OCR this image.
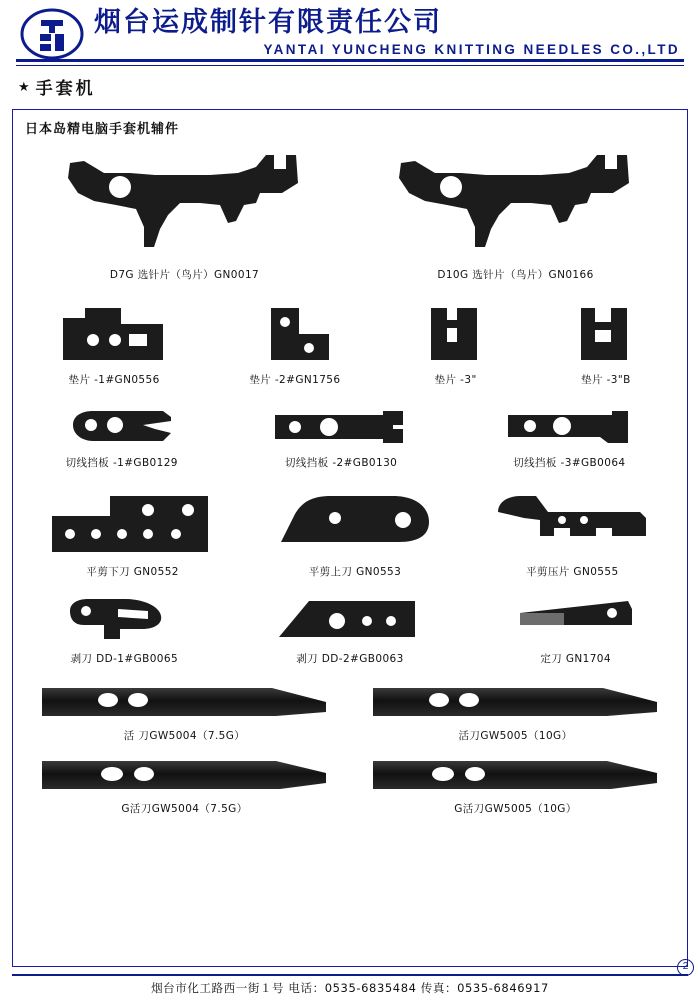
烟台运成制针有限责任公司
YANTAI YUNCHENG KNITTING NEEDLES CO.,LTD
★ 手套机
日本岛精电脑手套机辅件
D7G 选针片（鸟片）GN0017	D10G 选针片（鸟片）GN0166
垫片 -1#GN0556	垫片 -2#GN1756	垫片 -3"	垫片 -3"B
切线挡板 -1#GB0129	切线挡板 -2#GB0130	切线挡板 -3#GB0064
平剪下刀 GN0552	平剪上刀 GN0553	平剪压片 GN0555
剥刀 DD-1#GB0065	剥刀 DD-2#GB0063	定刀 GN1704
活 刀GW5004（7.5G）	活刀GW5005（10G）
G活刀GW5004（7.5G）	G活刀GW5005（10G）
2
烟台市化工路西一街１号 电话：0535-6835484 传真：0535-6846917
